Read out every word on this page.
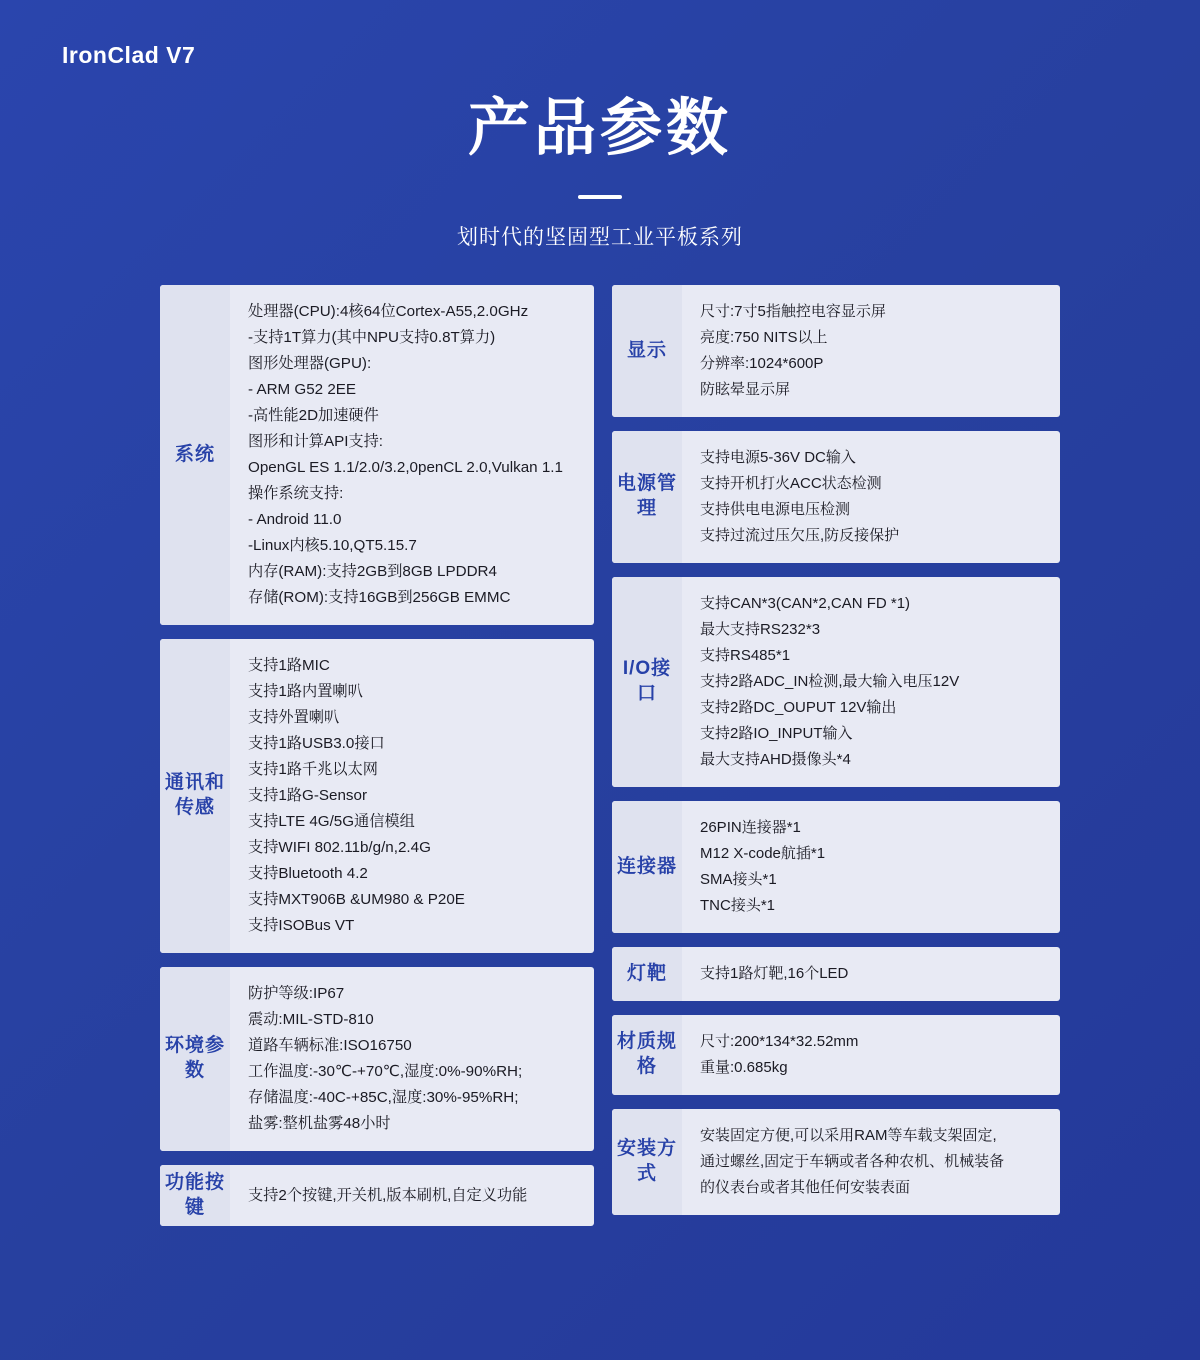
IronClad V7
产品参数
划时代的坚固型工业平板系列
系统
处理器(CPU):4核64位Cortex-A55,2.0GHz
-支持1T算力(其中NPU支持0.8T算力)
图形处理器(GPU):
- ARM G52 2EE
-高性能2D加速硬件
图形和计算API支持:
OpenGL ES 1.1/2.0/3.2,0penCL 2.0,Vulkan 1.1
操作系统支持:
- Android 11.0
-Linux内核5.10,QT5.15.7
内存(RAM):支持2GB到8GB LPDDR4
存储(ROM):支持16GB到256GB EMMC
通讯和传感
支持1路MIC
支持1路内置喇叭
支持外置喇叭
支持1路USB3.0接口
支持1路千兆以太网
支持1路G-Sensor
支持LTE 4G/5G通信模组
支持WIFI 802.11b/g/n,2.4G
支持Bluetooth 4.2
支持MXT906B &UM980 & P20E
支持ISOBus VT
环境参数
防护等级:IP67
震动:MIL-STD-810
道路车辆标准:ISO16750
工作温度:-30℃-+70℃,湿度:0%-90%RH;
存储温度:-40C-+85C,湿度:30%-95%RH;
盐雾:整机盐雾48小时
功能按键
支持2个按键,开关机,版本刷机,自定义功能
显示
尺寸:7寸5指触控电容显示屏
亮度:750 NITS以上
分辨率:1024*600P
防眩晕显示屏
电源管理
支持电源5-36V DC输入
支持开机打火ACC状态检测
支持供电电源电压检测
支持过流过压欠压,防反接保护
I/O接口
支持CAN*3(CAN*2,CAN FD *1)
最大支持RS232*3
支持RS485*1
支持2路ADC_IN检测,最大输入电压12V
支持2路DC_OUPUT 12V输出
支持2路IO_INPUT输入
最大支持AHD摄像头*4
连接器
26PIN连接器*1
M12 X-code航插*1
SMA接头*1
TNC接头*1
灯靶	支持1路灯靶,16个LED
材质规格
尺寸:200*134*32.52mm
重量:0.685kg
安装方式
安装固定方便,可以采用RAM等车载支架固定,
通过螺丝,固定于车辆或者各种农机、机械装备
的仪表台或者其他任何安装表面
